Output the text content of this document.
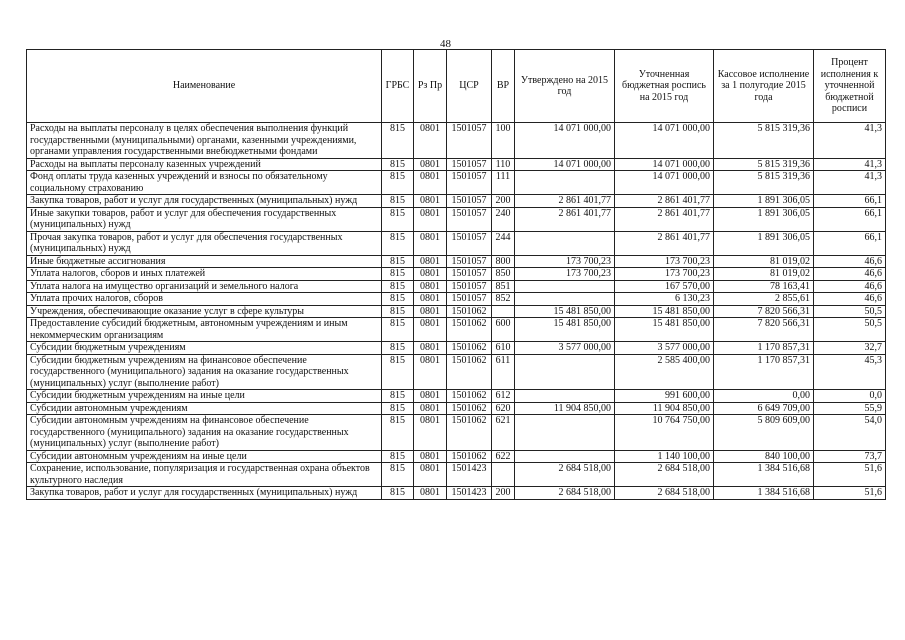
48
Наименование	ГРБС	Рз Пр	ЦСР	ВР	Утверждено на 2015 год	Уточненная бюджетная роспись на 2015 год	Кассовое исполнение за 1 полугодие 2015 года	Процент исполнения к уточненной бюджетной росписи
Расходы на выплаты персоналу в целях обеспечения выполнения функций государственными (муниципальными) органами, казенными учреждениями, органами управления государственными внебюджетными фондами	815	0801	1501057	100	14 071 000,00	14 071 000,00	5 815 319,36	41,3
Расходы на выплаты персоналу казенных учреждений	815	0801	1501057	110	14 071 000,00	14 071 000,00	5 815 319,36	41,3
Фонд оплаты труда казенных учреждений и взносы по обязательному социальному страхованию	815	0801	1501057	111		14 071 000,00	5 815 319,36	41,3
Закупка товаров, работ и услуг для государственных (муниципальных) нужд	815	0801	1501057	200	2 861 401,77	2 861 401,77	1 891 306,05	66,1
Иные закупки товаров, работ и услуг для обеспечения государственных (муниципальных) нужд	815	0801	1501057	240	2 861 401,77	2 861 401,77	1 891 306,05	66,1
Прочая закупка товаров, работ и услуг для обеспечения государственных (муниципальных) нужд	815	0801	1501057	244		2 861 401,77	1 891 306,05	66,1
Иные бюджетные ассигнования	815	0801	1501057	800	173 700,23	173 700,23	81 019,02	46,6
Уплата налогов, сборов и иных платежей	815	0801	1501057	850	173 700,23	173 700,23	81 019,02	46,6
Уплата налога на имущество организаций и земельного налога	815	0801	1501057	851		167 570,00	78 163,41	46,6
Уплата прочих налогов, сборов	815	0801	1501057	852		6 130,23	2 855,61	46,6
Учреждения, обеспечивающие оказание услуг в сфере культуры	815	0801	1501062		15 481 850,00	15 481 850,00	7 820 566,31	50,5
Предоставление субсидий бюджетным, автономным учреждениям и иным некоммерческим организациям	815	0801	1501062	600	15 481 850,00	15 481 850,00	7 820 566,31	50,5
Субсидии бюджетным учреждениям	815	0801	1501062	610	3 577 000,00	3 577 000,00	1 170 857,31	32,7
Субсидии бюджетным учреждениям на финансовое обеспечение государственного (муниципального) задания на оказание государственных (муниципальных) услуг (выполнение работ)	815	0801	1501062	611		2 585 400,00	1 170 857,31	45,3
Субсидии бюджетным учреждениям на иные цели	815	0801	1501062	612		991 600,00	0,00	0,0
Субсидии автономным учреждениям	815	0801	1501062	620	11 904 850,00	11 904 850,00	6 649 709,00	55,9
Субсидии автономным учреждениям на финансовое обеспечение государственного (муниципального) задания на оказание государственных (муниципальных) услуг (выполнение работ)	815	0801	1501062	621		10 764 750,00	5 809 609,00	54,0
Субсидии автономным учреждениям на иные цели	815	0801	1501062	622		1 140 100,00	840 100,00	73,7
Сохранение, использование, популяризация и государственная охрана объектов культурного наследия	815	0801	1501423		2 684 518,00	2 684 518,00	1 384 516,68	51,6
Закупка товаров, работ и услуг для государственных (муниципальных) нужд	815	0801	1501423	200	2 684 518,00	2 684 518,00	1 384 516,68	51,6
